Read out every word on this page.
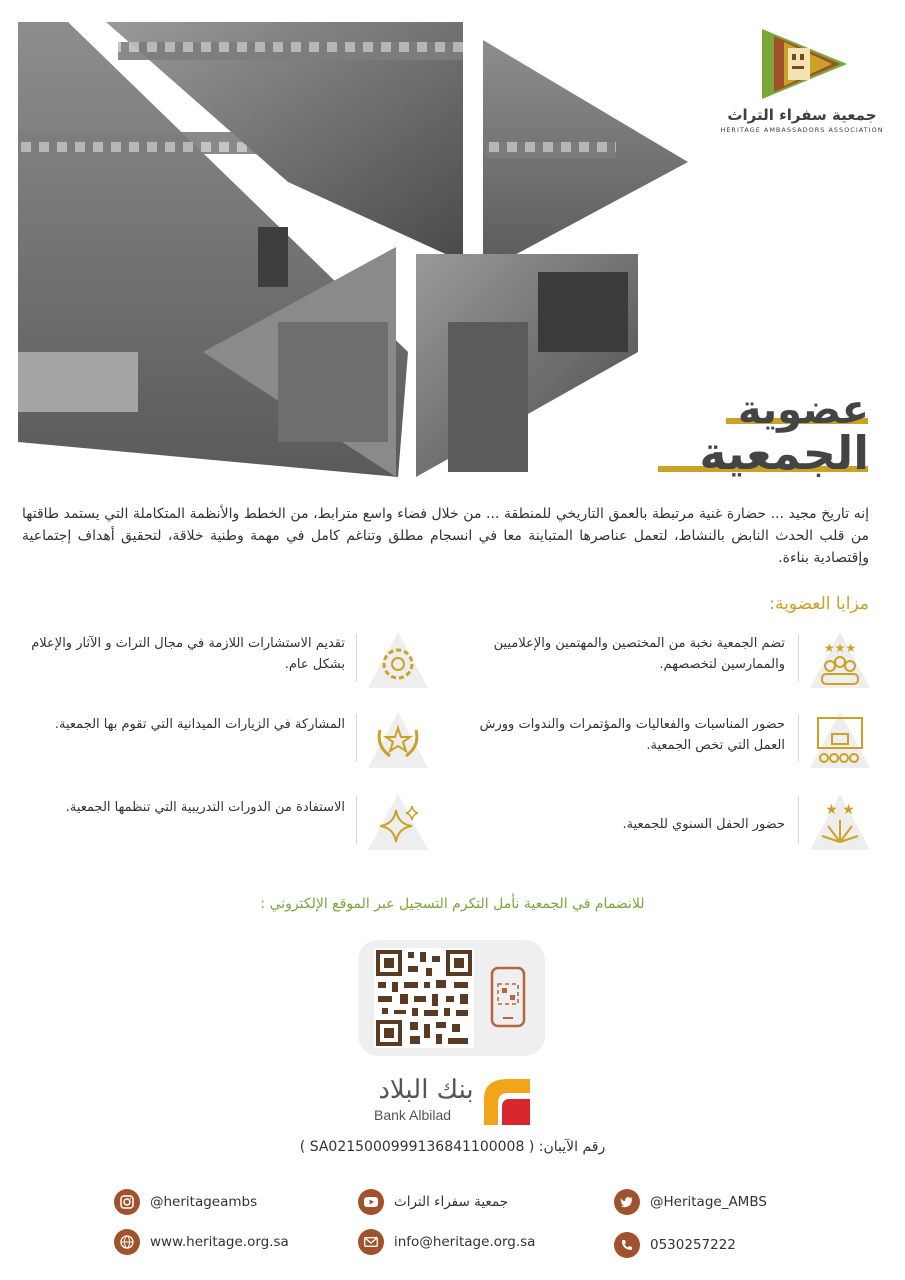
جمعية سفراء التراث
HERITAGE AMBASSADORS ASSOCIATION
عضوية
الجمعية
إنه تاريخ مجيد ... حضارة غنية مرتبطة بالعمق التاريخي للمنطقة ... من خلال فضاء واسع مترابط، من الخطط والأنظمة المتكاملة التي يستمد طاقتها من قلب الحدث النابض بالنشاط، لتعمل عناصرها المتباينة معا في انسجام مطلق وتناغم كامل في مهمة وطنية خلاقة، لتحقيق أهداف إجتماعية وإقتصادية بناءة.
مزايا العضوية:
★★★
تضم الجمعية نخبة من المختصين والمهتمين والإعلاميين والممارسين لتخصصهم.
تقديم الاستشارات اللازمة في مجال التراث و الآثار والإعلام بشكل عام.
حضور المناسبات والفعاليات والمؤتمرات والندوات وورش العمل التي تخص الجمعية.
المشاركة في الزيارات الميدانية التي تقوم بها الجمعية.
★ ★
حضور الحفل السنوي للجمعية.
الاستفادة من الدورات التدريبية التي تنظمها الجمعية.
للانضمام في الجمعية نأمل التكرم التسجيل عبر الموقع الإلكتروني :
بنك البلاد
Bank Albilad
رقم الآيبان: ( SA0215000999136841100008 )
@heritageambs	جمعية سفراء التراث	@Heritage_AMBS
www.heritage.org.sa	info@heritage.org.sa	0530257222
